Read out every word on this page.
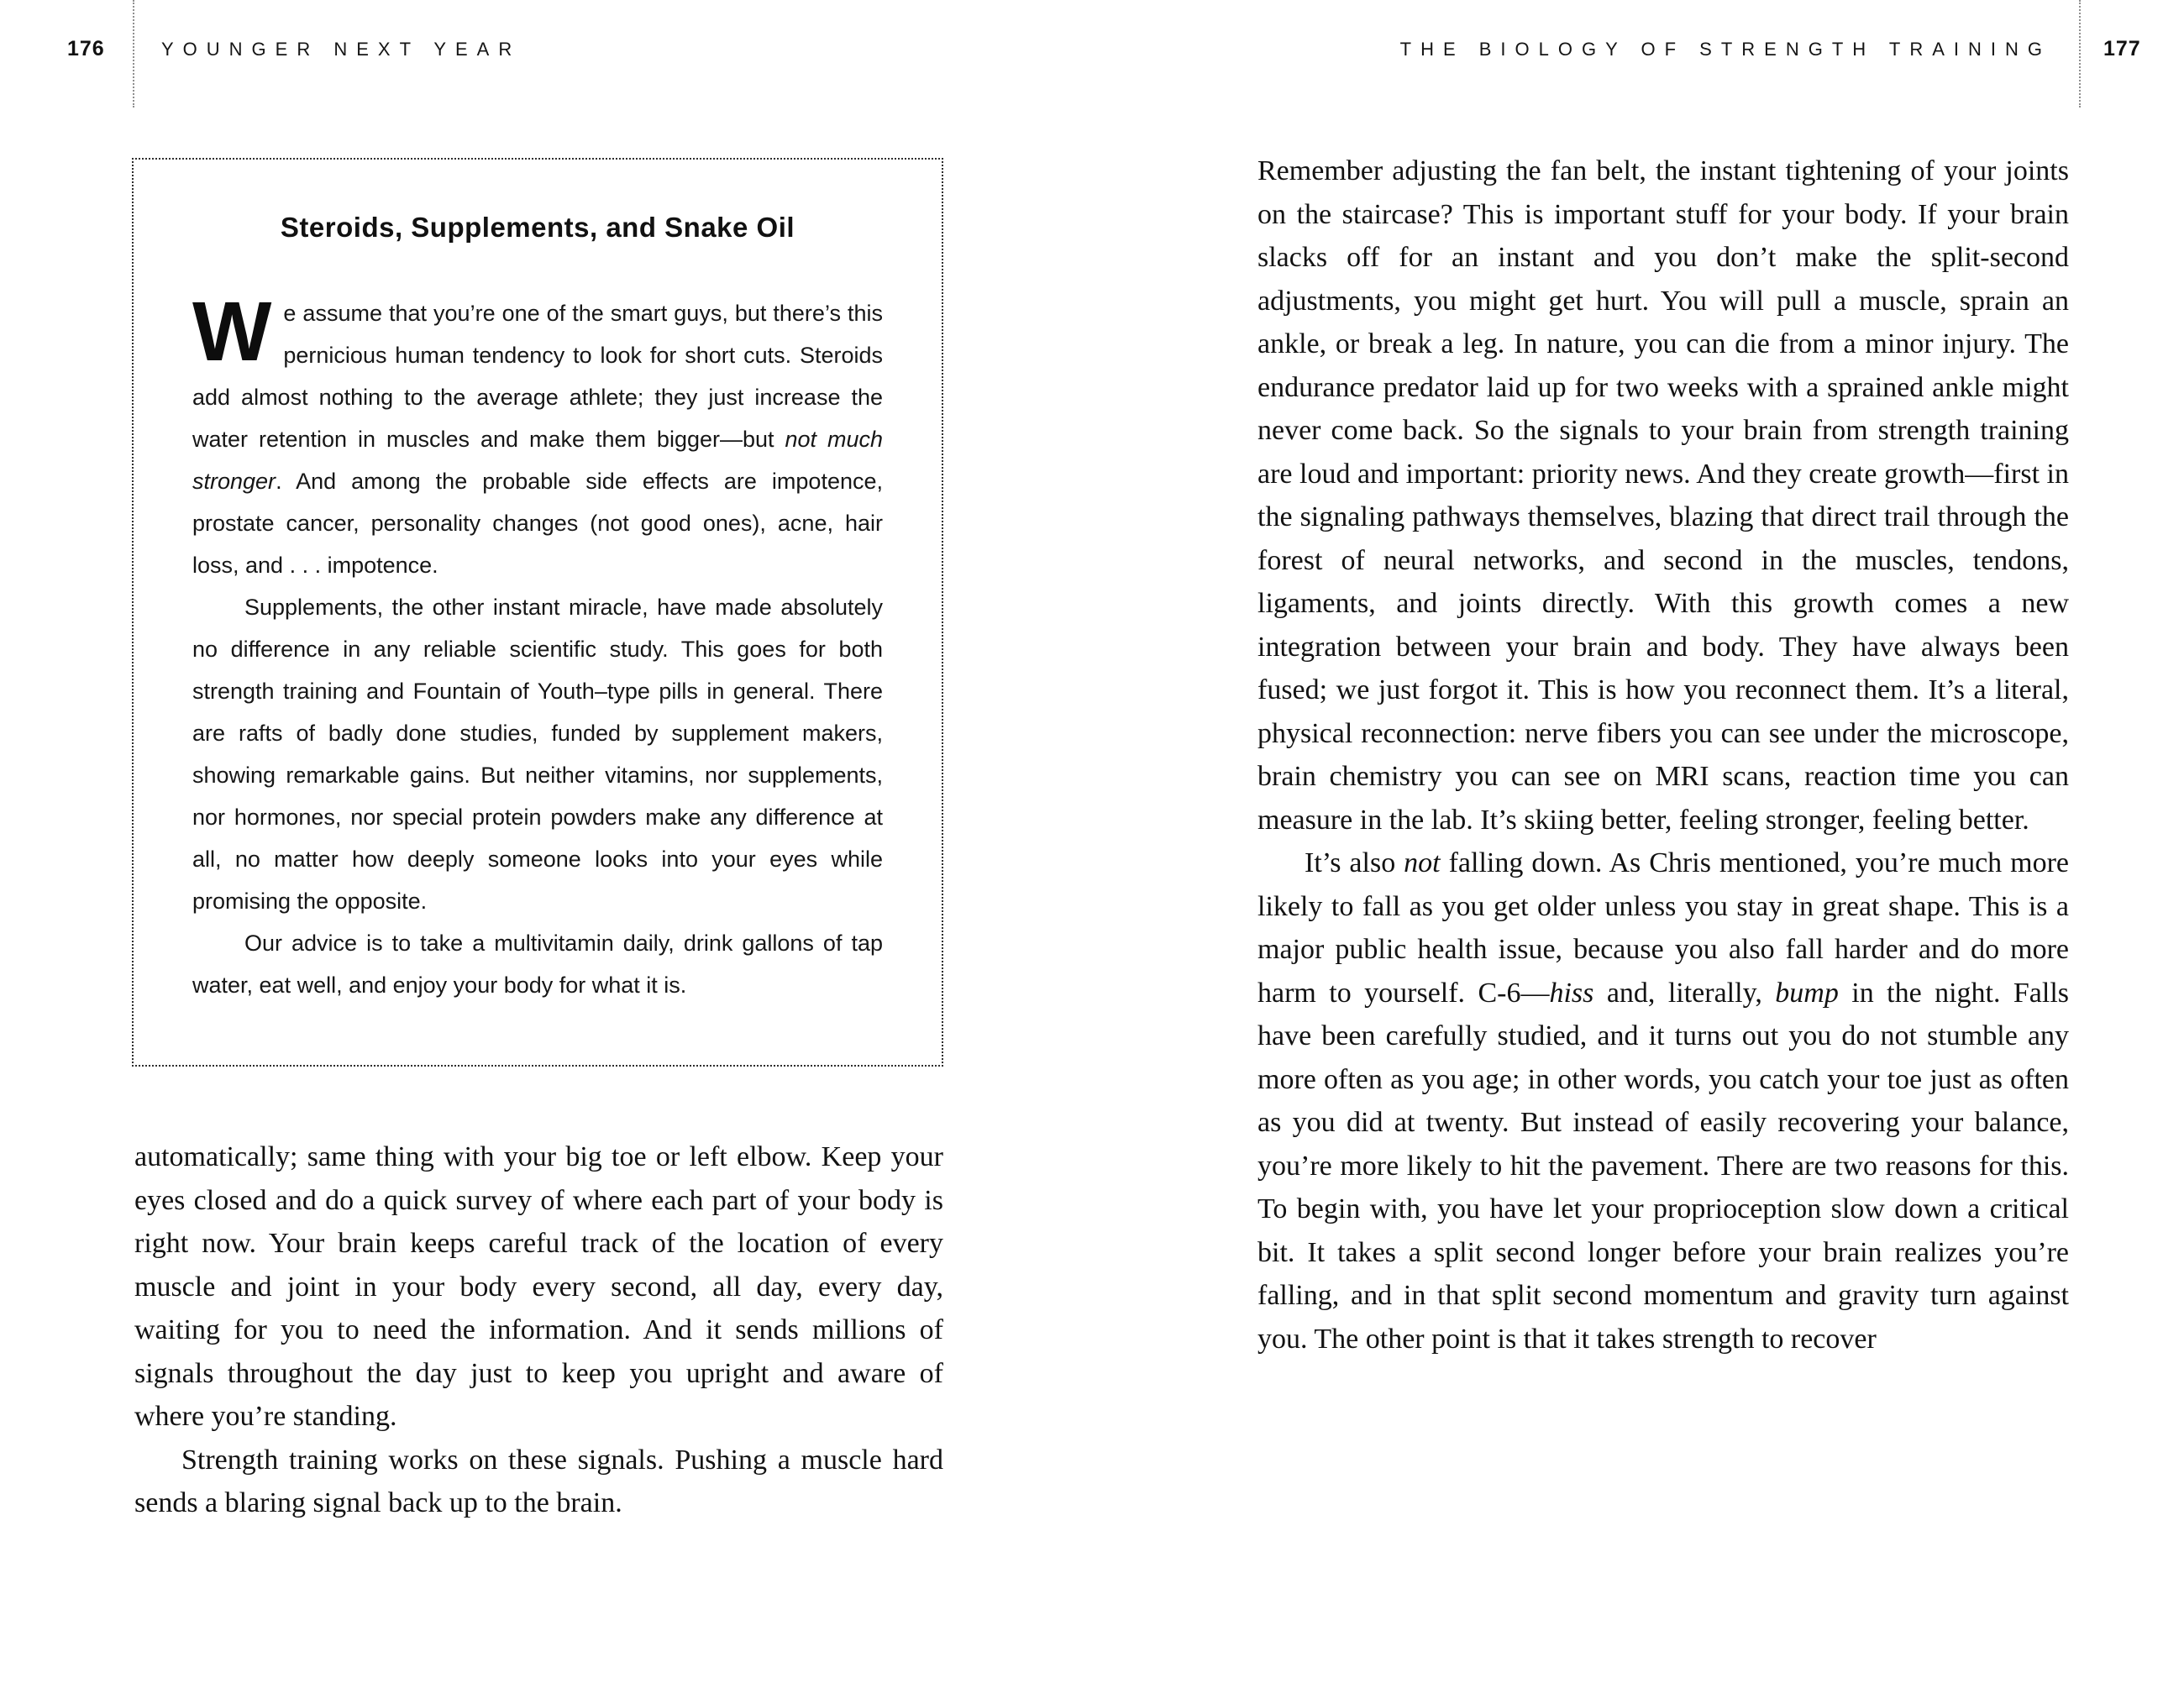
176	YOUNGER NEXT YEAR
Steroids, Supplements, and Snake Oil

We assume that you’re one of the smart guys, but there’s this pernicious human tendency to look for short cuts. Steroids add almost nothing to the average athlete; they just increase the water retention in muscles and make them bigger—but not much stronger. And among the probable side effects are impotence, prostate cancer, personality changes (not good ones), acne, hair loss, and . . . impotence.

Supplements, the other instant miracle, have made absolutely no difference in any reliable scientific study. This goes for both strength training and Fountain of Youth–type pills in general. There are rafts of badly done studies, funded by supplement makers, showing remarkable gains. But neither vitamins, nor supplements, nor hormones, nor special protein powders make any difference at all, no matter how deeply someone looks into your eyes while promising the opposite.

Our advice is to take a multivitamin daily, drink gallons of tap water, eat well, and enjoy your body for what it is.

automatically; same thing with your big toe or left elbow. Keep your eyes closed and do a quick survey of where each part of your body is right now. Your brain keeps careful track of the location of every muscle and joint in your body every second, all day, every day, waiting for you to need the information. And it sends millions of signals throughout the day just to keep you upright and aware of where you’re standing.

Strength training works on these signals. Pushing a muscle hard sends a blaring signal back up to the brain.

THE BIOLOGY OF STRENGTH TRAINING 177

Remember adjusting the fan belt, the instant tightening of your joints on the staircase? This is important stuff for your body. If your brain slacks off for an instant and you don’t make the split-second adjustments, you might get hurt. You will pull a muscle, sprain an ankle, or break a leg. In nature, you can die from a minor injury. The endurance predator laid up for two weeks with a sprained ankle might never come back. So the signals to your brain from strength training are loud and important: priority news. And they create growth—first in the signaling pathways themselves, blazing that direct trail through the forest of neural networks, and second in the muscles, tendons, ligaments, and joints directly. With this growth comes a new integration between your brain and body. They have always been fused; we just forgot it. This is how you reconnect them. It’s a literal, physical reconnection: nerve fibers you can see under the microscope, brain chemistry you can see on MRI scans, reaction time you can measure in the lab. It’s skiing better, feeling stronger, feeling better.

It’s also not falling down. As Chris mentioned, you’re much more likely to fall as you get older unless you stay in great shape. This is a major public health issue, because you also fall harder and do more harm to yourself. C-6—hiss and, literally, bump in the night. Falls have been carefully studied, and it turns out you do not stumble any more often as you age; in other words, you catch your toe just as often as you did at twenty. But instead of easily recovering your balance, you’re more likely to hit the pavement. There are two reasons for this. To begin with, you have let your proprioception slow down a critical bit. It takes a split second longer before your brain realizes you’re falling, and in that split second momentum and gravity turn against you. The other point is that it takes strength to recover
